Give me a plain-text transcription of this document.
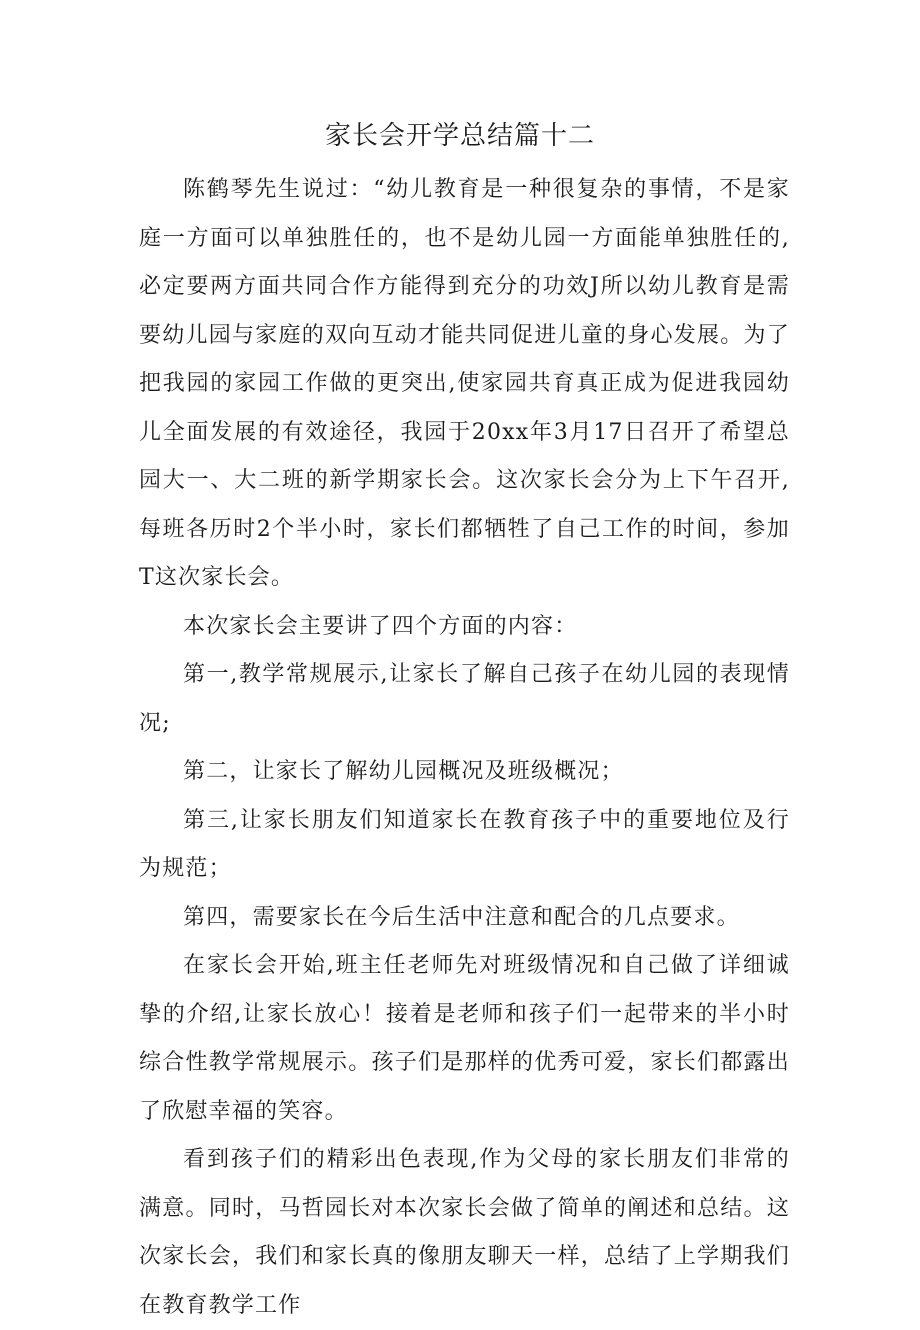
家长会开学总结篇十二

陈鹤琴先生说过：“幼儿教育是一种很复杂的事情，不是家庭一方面可以单独胜任的，也不是幼儿园一方面能单独胜任的,必定要两方面共同合作方能得到充分的功效J所以幼儿教育是需要幼儿园与家庭的双向互动才能共同促进儿童的身心发展。为了把我园的家园工作做的更突出,使家园共育真正成为促进我园幼儿全面发展的有效途径，我园于20xx年3月17日召开了希望总园大一、大二班的新学期家长会。这次家长会分为上下午召开,每班各历时2个半小时，家长们都牺牲了自己工作的时间，参加T这次家长会。

本次家长会主要讲了四个方面的内容：

第一,教学常规展示,让家长了解自己孩子在幼儿园的表现情况;

第二，让家长了解幼儿园概况及班级概况；

第三,让家长朋友们知道家长在教育孩子中的重要地位及行为规范；

第四，需要家长在今后生活中注意和配合的几点要求。

在家长会开始,班主任老师先对班级情况和自己做了详细诚挚的介绍,让家长放心！接着是老师和孩子们一起带来的半小时综合性教学常规展示。孩子们是那样的优秀可爱，家长们都露出了欣慰幸福的笑容。

看到孩子们的精彩出色表现,作为父母的家长朋友们非常的满意。同时，马哲园长对本次家长会做了简单的阐述和总结。这次家长会，我们和家长真的像朋友聊天一样，总结了上学期我们在教育教学工作
